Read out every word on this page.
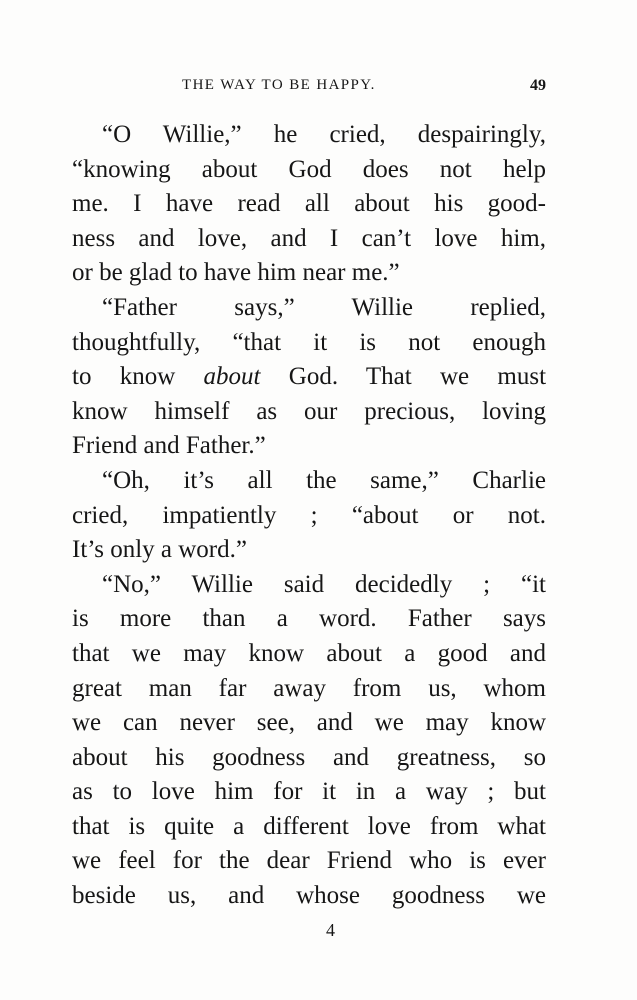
THE WAY TO BE HAPPY.	49
“O Willie,” he cried, despairingly,
“knowing about God does not help
me. I have read all about his good-
ness and love, and I can’t love him,
or be glad to have him near me.”
“Father says,” Willie replied,
thoughtfully, “that it is not enough
to know about God. That we must
know himself as our precious, loving
Friend and Father.”
“Oh, it’s all the same,” Charlie
cried, impatiently ; “about or not.
It’s only a word.”
“No,” Willie said decidedly ; “it
is more than a word. Father says
that we may know about a good and
great man far away from us, whom
we can never see, and we may know
about his goodness and greatness, so
as to love him for it in a way ; but
that is quite a different love from what
we feel for the dear Friend who is ever
beside us, and whose goodness we
4
